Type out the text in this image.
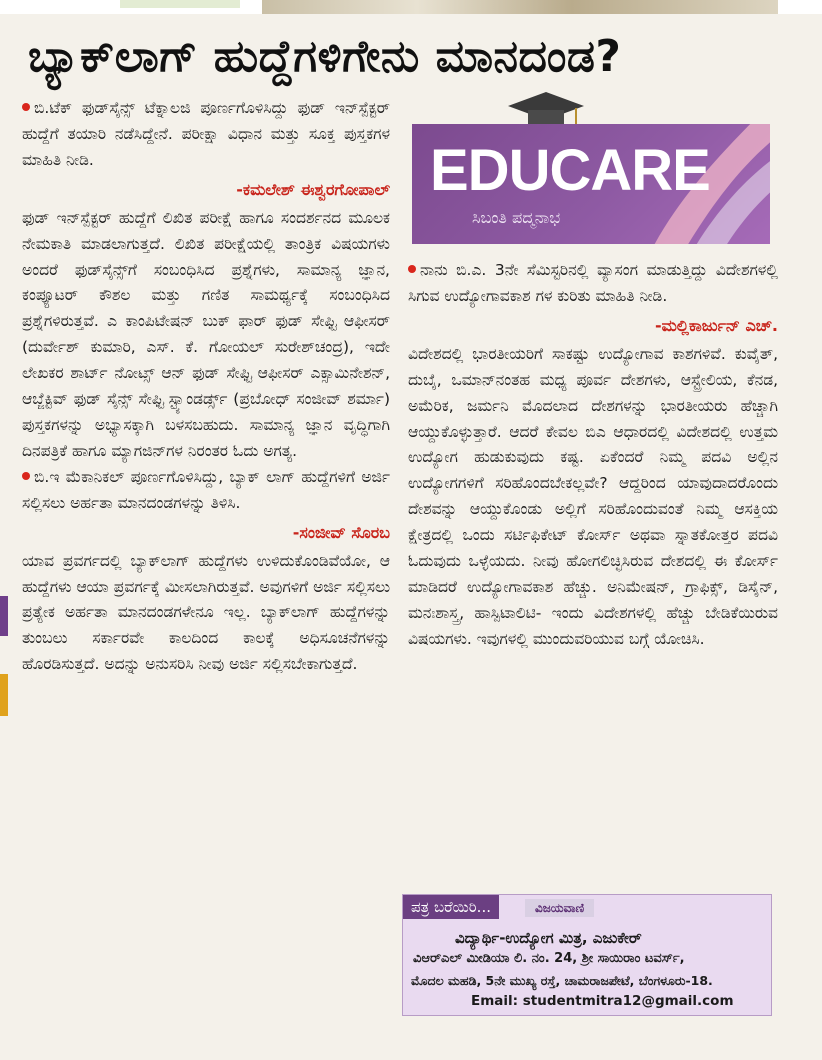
ಬ್ಯಾಕ್‌ಲಾಗ್ ಹುದ್ದೆಗಳಿಗೇನು ಮಾನದಂಡ?

ಬಿ.ಟೆಕ್ ಫುಡ್‌ಸೈನ್ಸ್ ಟೆಕ್ನಾಲಜಿ ಪೂರ್ಣಗೊಳಿಸಿದ್ದು ಫುಡ್ ಇನ್‌ಸ್ಪೆಕ್ಟರ್ ಹುದ್ದೆಗೆ ತಯಾರಿ ನಡೆಸಿದ್ದೇನೆ. ಪರೀಕ್ಷಾ ವಿಧಾನ ಮತ್ತು ಸೂಕ್ತ ಪುಸ್ತಕಗಳ ಮಾಹಿತಿ ನೀಡಿ.

-ಕಮಲೇಶ್ ಈಶ್ವರಗೋಪಾಲ್

ಫುಡ್ ಇನ್‌ಸ್ಪೆಕ್ಟರ್ ಹುದ್ದೆಗೆ ಲಿಖಿತ ಪರೀಕ್ಷೆ ಹಾಗೂ ಸಂದರ್ಶನದ ಮೂಲಕ ನೇಮಕಾತಿ ಮಾಡಲಾಗುತ್ತದೆ. ಲಿಖಿತ ಪರೀಕ್ಷೆಯಲ್ಲಿ ತಾಂತ್ರಿಕ ವಿಷಯಗಳು ಅಂದರೆ ಫುಡ್‌ಸೈನ್ಸ್‌ಗೆ ಸಂಬಂಧಿಸಿದ ಪ್ರಶ್ನೆಗಳು, ಸಾಮಾನ್ಯ ಜ್ಞಾನ, ಕಂಪ್ಯೂಟರ್ ಕೌಶಲ ಮತ್ತು ಗಣಿತ ಸಾಮರ್ಥ್ಯಕ್ಕೆ ಸಂಬಂಧಿಸಿದ ಪ್ರಶ್ನೆಗಳಿರುತ್ತವೆ. ಎ ಕಾಂಪಿಟೇಷನ್ ಬುಕ್ ಫಾರ್ ಫುಡ್ ಸೇಫ್ಟಿ ಆಫೀಸರ್ (ದುರ್ವೇಶ್ ಕುಮಾರಿ, ಎಸ್. ಕೆ. ಗೋಯಲ್ ಸುರೇಶ್‌ಚಂದ್ರ), ಇದೇ ಲೇಖಕರ ಶಾರ್ಟ್ ನೋಟ್ಸ್ ಆನ್ ಫುಡ್ ಸೇಫ್ಟಿ ಆಫೀಸರ್ ಎಕ್ಸಾಮಿನೇಶನ್, ಆಬ್ಜೆಕ್ಟಿವ್ ಫುಡ್ ಸೈನ್ಸ್ ಸೇಫ್ಟಿ ಸ್ಟ್ಯಾಂಡರ್ಡ್ಸ್ (ಪ್ರಬೋಧ್ ಸಂಜೀವ್ ಶರ್ಮಾ) ಪುಸ್ತಕಗಳನ್ನು ಅಭ್ಯಾಸಕ್ಕಾಗಿ ಬಳಸಬಹುದು. ಸಾಮಾನ್ಯ ಜ್ಞಾನ ವೃದ್ಧಿಗಾಗಿ ದಿನಪತ್ರಿಕೆ ಹಾಗೂ ಮ್ಯಾಗಜಿನ್‌ಗಳ ನಿರಂತರ ಓದು ಅಗತ್ಯ.

ಬಿ.ಇ ಮೆಕಾನಿಕಲ್ ಪೂರ್ಣಗೊಳಿಸಿದ್ದು, ಬ್ಯಾಕ್ ಲಾಗ್ ಹುದ್ದೆಗಳಿಗೆ ಅರ್ಜಿ ಸಲ್ಲಿಸಲು ಅರ್ಹತಾ ಮಾನದಂಡಗಳನ್ನು ತಿಳಿಸಿ.

-ಸಂಜೀವ್ ಸೊರಬ

ಯಾವ ಪ್ರವರ್ಗದಲ್ಲಿ ಬ್ಯಾಕ್‌ಲಾಗ್ ಹುದ್ದೆಗಳು ಉಳಿದುಕೊಂಡಿವೆಯೋ, ಆ ಹುದ್ದೆಗಳು ಆಯಾ ಪ್ರವರ್ಗಕ್ಕೆ ಮೀಸಲಾಗಿರುತ್ತವೆ. ಅವುಗಳಿಗೆ ಅರ್ಜಿ ಸಲ್ಲಿಸಲು ಪ್ರತ್ಯೇಕ ಅರ್ಹತಾ ಮಾನದಂಡಗಳೇನೂ ಇಲ್ಲ. ಬ್ಯಾಕ್‌ಲಾಗ್ ಹುದ್ದೆಗಳನ್ನು ತುಂಬಲು ಸರ್ಕಾರವೇ ಕಾಲದಿಂದ ಕಾಲಕ್ಕೆ ಅಧಿಸೂಚನೆಗಳನ್ನು ಹೊರಡಿಸುತ್ತದೆ. ಅದನ್ನು ಅನುಸರಿಸಿ ನೀವು ಅರ್ಜಿ ಸಲ್ಲಿಸಬೇಕಾಗುತ್ತದೆ.

EDUCARE
ಸಿಬಂತಿ ಪದ್ಮನಾಭ

ನಾನು ಬಿ.ಎ. 3ನೇ ಸೆಮಿಸ್ಟರಿನಲ್ಲಿ ವ್ಯಾಸಂಗ ಮಾಡುತ್ತಿದ್ದು ವಿದೇಶಗಳಲ್ಲಿ ಸಿಗುವ ಉದ್ಯೋಗಾವಕಾಶ ಗಳ ಕುರಿತು ಮಾಹಿತಿ ನೀಡಿ.

-ಮಲ್ಲಿಕಾರ್ಜುನ್ ಎಚ್.

ವಿದೇಶದಲ್ಲಿ ಭಾರತೀಯರಿಗೆ ಸಾಕಷ್ಟು ಉದ್ಯೋಗಾವ ಕಾಶಗಳಿವೆ. ಕುವೈತ್, ದುಬೈ, ಒಮಾನ್‌ನಂತಹ ಮಧ್ಯ ಪೂರ್ವ ದೇಶಗಳು, ಆಸ್ಟ್ರೇಲಿಯ, ಕೆನಡ, ಅಮೆರಿಕ, ಜರ್ಮನಿ ಮೊದಲಾದ ದೇಶಗಳನ್ನು ಭಾರತೀಯರು ಹೆಚ್ಚಾಗಿ ಆಯ್ದುಕೊಳ್ಳುತ್ತಾರೆ. ಆದರೆ ಕೇವಲ ಬಿಎ ಆಧಾರದಲ್ಲಿ ವಿದೇಶದಲ್ಲಿ ಉತ್ತಮ ಉದ್ಯೋಗ ಹುಡುಕುವುದು ಕಷ್ಟ. ಏಕೆಂದರೆ ನಿಮ್ಮ ಪದವಿ ಅಲ್ಲಿನ ಉದ್ಯೋಗಗಳಿಗೆ ಸರಿಹೊಂದಬೇಕಲ್ಲವೇ? ಆದ್ದರಿಂದ ಯಾವುದಾದರೊಂದು ದೇಶವನ್ನು ಆಯ್ದುಕೊಂಡು ಅಲ್ಲಿಗೆ ಸರಿಹೊಂದುವಂತೆ ನಿಮ್ಮ ಆಸಕ್ತಿಯ ಕ್ಷೇತ್ರದಲ್ಲಿ ಒಂದು ಸರ್ಟಿಫಿಕೇಟ್ ಕೋರ್ಸ್ ಅಥವಾ ಸ್ನಾತಕೋತ್ತರ ಪದವಿ ಓದುವುದು ಒಳ್ಳೆಯದು. ನೀವು ಹೋಗಲಿಚ್ಛಿಸಿರುವ ದೇಶದಲ್ಲಿ ಈ ಕೋರ್ಸ್ ಮಾಡಿದರೆ ಉದ್ಯೋಗಾವಕಾಶ ಹೆಚ್ಚು. ಅನಿಮೇಷನ್, ಗ್ರಾಫಿಕ್ಸ್, ಡಿಸೈನ್, ಮನಃಶಾಸ್ತ್ರ, ಹಾಸ್ಪಿಟಾಲಿಟಿ- ಇಂದು ವಿದೇಶಗಳಲ್ಲಿ ಹೆಚ್ಚು ಬೇಡಿಕೆಯಿರುವ ವಿಷಯಗಳು. ಇವುಗಳಲ್ಲಿ ಮುಂದುವರಿಯುವ ಬಗ್ಗೆ ಯೋಚಿಸಿ.

ಪತ್ರ ಬರೆಯಿರಿ...	ವಿಜಯವಾಣಿ
ವಿದ್ಯಾರ್ಥಿ-ಉದ್ಯೋಗ ಮಿತ್ರ, ಎಜುಕೇರ್
ವಿಆರ್‌ಎಲ್ ಮೀಡಿಯಾ ಲಿ. ನಂ. 24, ಶ್ರೀ ಸಾಯಿರಾಂ ಟವರ್ಸ್,
ಮೊದಲ ಮಹಡಿ, 5ನೇ ಮುಖ್ಯ ರಸ್ತೆ, ಚಾಮರಾಜಪೇಟೆ, ಬೆಂಗಳೂರು-18.
Email: studentmitra12@gmail.com
